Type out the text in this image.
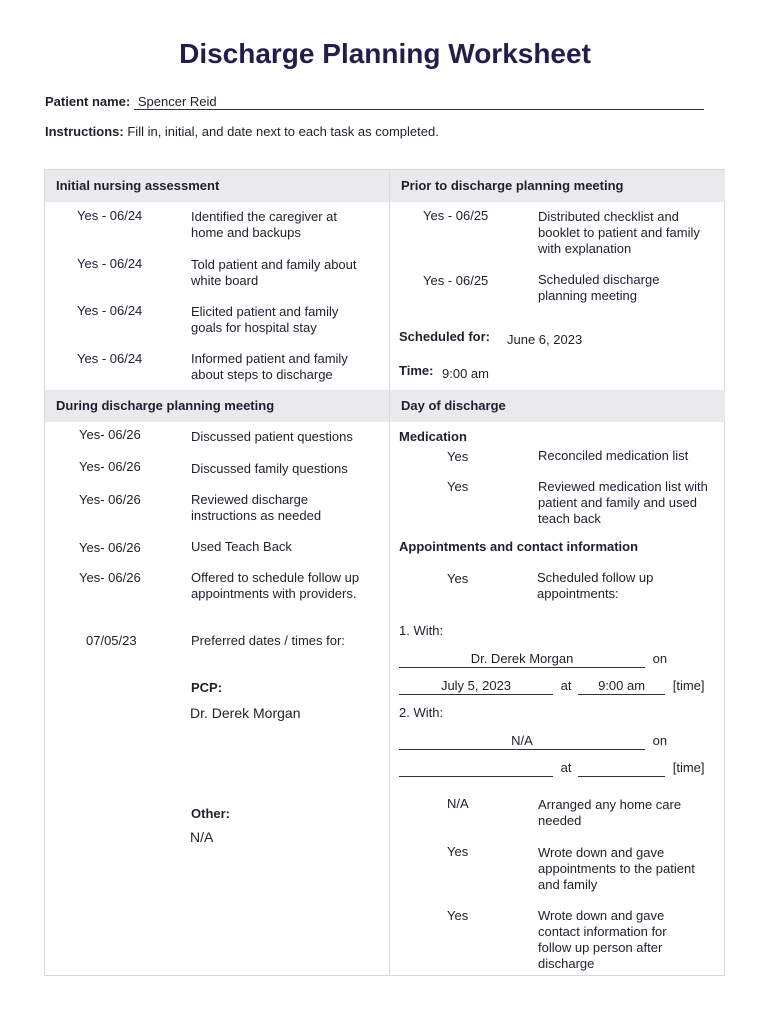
Discharge Planning Worksheet
Patient name: Spencer Reid
Instructions: Fill in, initial, and date next to each task as completed.
Initial nursing assessment	Prior to discharge planning meeting
During discharge planning meeting	Day of discharge
Yes - 06/24	Identified the caregiver at home and backups
Yes - 06/24	Told patient and family about white board
Yes - 06/24	Elicited patient and family goals for hospital stay
Yes - 06/24	Informed patient and family about steps to discharge
Yes - 06/25	Distributed checklist and booklet to patient and family with explanation
Yes - 06/25	Scheduled discharge planning meeting
Scheduled for: June 6, 2023
Time: 9:00 am
Yes- 06/26	Discussed patient questions
Yes- 06/26	Discussed family questions
Yes- 06/26	Reviewed discharge instructions as needed
Yes- 06/26	Used Teach Back
Yes- 06/26	Offered to schedule follow up appointments with providers.
07/05/23	Preferred dates / times for:
PCP:
Dr. Derek Morgan
Other:
N/A
Medication
Yes	Reconciled medication list
Yes	Reviewed medication list with patient and family and used teach back
Appointments and contact information
Yes	Scheduled follow up appointments:
1. With:
Dr. Derek Morgan	on
July 5, 2023	at 9:00 am [time]
2. With:
N/A	on
at	[time]
N/A	Arranged any home care needed
Yes	Wrote down and gave appointments to the patient and family
Yes	Wrote down and gave contact information for follow up person after discharge
